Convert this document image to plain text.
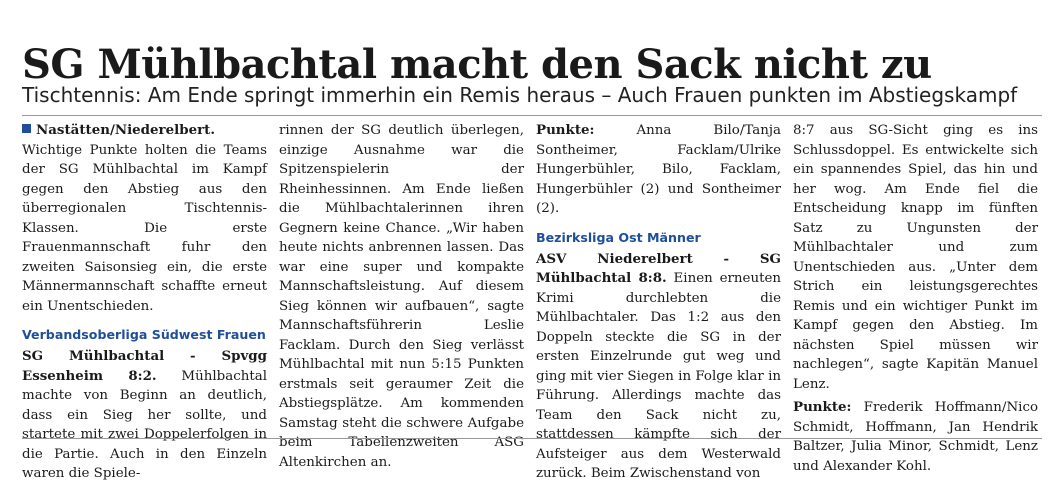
SG Mühlbachtal macht den Sack nicht zu
Tischtennis: Am Ende springt immerhin ein Remis heraus – Auch Frauen punkten im Abstiegskampf

Nastätten/Niederelbert. Wichtige Punkte holten die Teams der SG Mühlbachtal im Kampf gegen den Abstieg aus den überregionalen Tischtennis-Klassen. Die erste Frauenmannschaft fuhr den zweiten Saisonsieg ein, die erste Männermannschaft schaffte erneut ein Unentschieden.

Verbandsoberliga Südwest Frauen

SG Mühlbachtal - Spvgg Essenheim 8:2. Mühlbachtal machte von Beginn an deutlich, dass ein Sieg her sollte, und startete mit zwei Doppelerfolgen in die Partie. Auch in den Einzeln waren die Spiele-

rinnen der SG deutlich überlegen, einzige Ausnahme war die Spitzenspielerin der Rheinhessinnen. Am Ende ließen die Mühlbachtalerinnen ihren Gegnern keine Chance. „Wir haben heute nichts anbrennen lassen. Das war eine super und kompakte Mannschaftsleistung. Auf diesem Sieg können wir aufbauen“, sagte Mannschaftsführerin Leslie Facklam. Durch den Sieg verlässt Mühlbachtal mit nun 5:15 Punkten erstmals seit geraumer Zeit die Abstiegsplätze. Am kommenden Samstag steht die schwere Aufgabe beim Tabellenzweiten ASG Altenkirchen an.

Punkte:	Anna Bilo/Tanja Sontheimer, Facklam/Ulrike Hungerbühler, Bilo, Facklam, Hungerbühler (2) und Sontheimer (2).

Bezirksliga Ost Männer

ASV Niederelbert - SG Mühlbachtal 8:8. Einen erneuten Krimi durchlebten die Mühlbachtaler. Das 1:2 aus den Doppeln steckte die SG in der ersten Einzelrunde gut weg und ging mit vier Siegen in Folge klar in Führung. Allerdings machte das Team den Sack nicht zu, stattdessen kämpfte sich der Aufsteiger aus dem Westerwald zurück. Beim Zwischenstand von

8:7 aus SG-Sicht ging es ins Schlussdoppel. Es entwickelte sich ein spannendes Spiel, das hin und her wog. Am Ende fiel die Entscheidung knapp im fünften Satz zu Ungunsten der Mühlbachtaler und zum Unentschieden aus. „Unter dem Strich ein leistungsgerechtes Remis und ein wichtiger Punkt im Kampf gegen den Abstieg. Im nächsten Spiel müssen wir nachlegen“, sagte Kapitän Manuel Lenz.

Punkte: Frederik Hoffmann/Nico Schmidt, Hoffmann, Jan Hendrik Baltzer, Julia Minor, Schmidt, Lenz und Alexander Kohl.
